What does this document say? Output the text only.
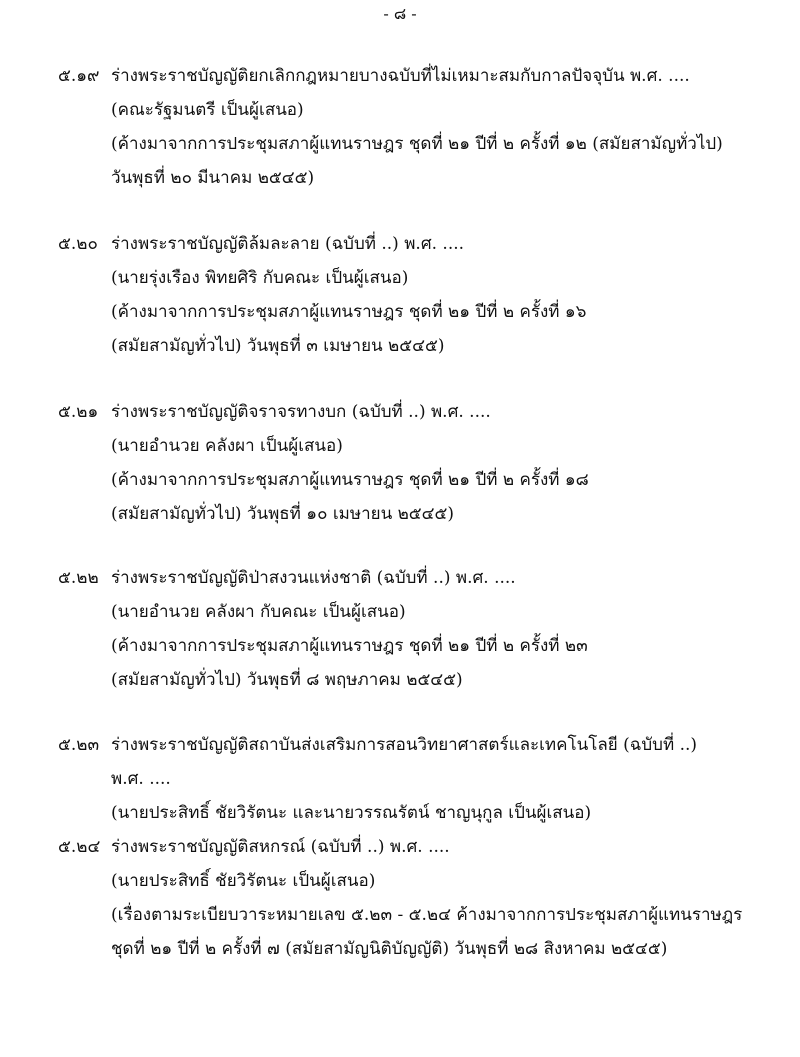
- ๘ -
๕.๑๙ ร่างพระราชบัญญัติยกเลิกกฎหมายบางฉบับที่ไม่เหมาะสมกับกาลปัจจุบัน พ.ศ. ....
(คณะรัฐมนตรี เป็นผู้เสนอ)
(ค้างมาจากการประชุมสภาผู้แทนราษฎร ชุดที่ ๒๑ ปีที่ ๒ ครั้งที่ ๑๒ (สมัยสามัญทั่วไป)
วันพุธที่ ๒๐ มีนาคม ๒๕๔๕)
๕.๒๐ ร่างพระราชบัญญัติล้มละลาย (ฉบับที่ ..) พ.ศ. ....
(นายรุ่งเรือง พิทยศิริ กับคณะ เป็นผู้เสนอ)
(ค้างมาจากการประชุมสภาผู้แทนราษฎร ชุดที่ ๒๑ ปีที่ ๒ ครั้งที่ ๑๖
(สมัยสามัญทั่วไป) วันพุธที่ ๓ เมษายน ๒๕๔๕)
๕.๒๑ ร่างพระราชบัญญัติจราจรทางบก (ฉบับที่ ..) พ.ศ. ....
(นายอำนวย คลังผา เป็นผู้เสนอ)
(ค้างมาจากการประชุมสภาผู้แทนราษฎร ชุดที่ ๒๑ ปีที่ ๒ ครั้งที่ ๑๘
(สมัยสามัญทั่วไป) วันพุธที่ ๑๐ เมษายน ๒๕๔๕)
๕.๒๒ ร่างพระราชบัญญัติป่าสงวนแห่งชาติ (ฉบับที่ ..) พ.ศ. ....
(นายอำนวย คลังผา กับคณะ เป็นผู้เสนอ)
(ค้างมาจากการประชุมสภาผู้แทนราษฎร ชุดที่ ๒๑ ปีที่ ๒ ครั้งที่ ๒๓
(สมัยสามัญทั่วไป) วันพุธที่ ๘ พฤษภาคม ๒๕๔๕)
๕.๒๓ ร่างพระราชบัญญัติสถาบันส่งเสริมการสอนวิทยาศาสตร์และเทคโนโลยี (ฉบับที่ ..)
พ.ศ. ....
(นายประสิทธิ์ ชัยวิรัตนะ และนายวรรณรัตน์ ชาญนุกูล เป็นผู้เสนอ)
๕.๒๔ ร่างพระราชบัญญัติสหกรณ์ (ฉบับที่ ..) พ.ศ. ....
(นายประสิทธิ์ ชัยวิรัตนะ เป็นผู้เสนอ)
(เรื่องตามระเบียบวาระหมายเลข ๕.๒๓ - ๕.๒๔ ค้างมาจากการประชุมสภาผู้แทนราษฎร
ชุดที่ ๒๑ ปีที่ ๒ ครั้งที่ ๗ (สมัยสามัญนิติบัญญัติ) วันพุธที่ ๒๘ สิงหาคม ๒๕๔๕)
